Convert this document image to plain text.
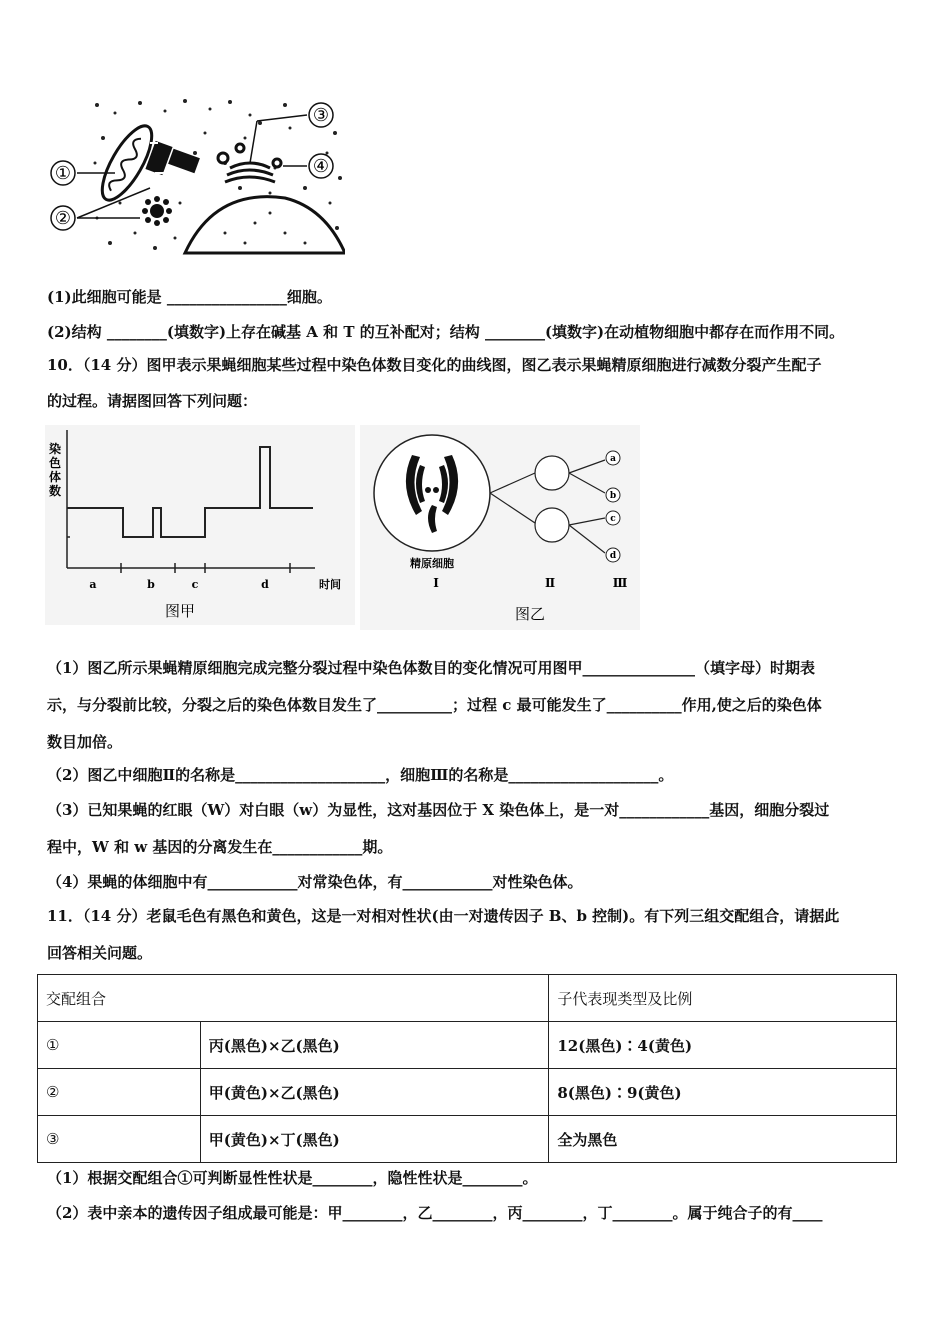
①
②
③
④
(1)此细胞可能是 ________________细胞。
(2)结构 ________(填数字)上存在碱基 A 和 T 的互补配对；结构 ________(填数字)在动植物细胞中都存在而作用不同。
10．（14 分）图甲表示果蝇细胞某些过程中染色体数目变化的曲线图，图乙表示果蝇精原细胞进行减数分裂产生配子
的过程。请据图回答下列问题：
染
色
体
数
a	b	c	d	时间
图甲
a
b
c
d
精原细胞
Ⅰ	Ⅱ	Ⅲ
图乙
（1）图乙所示果蝇精原细胞完成完整分裂过程中染色体数目的变化情况可用图甲_______________（填字母）时期表
示，与分裂前比较，分裂之后的染色体数目发生了__________；过程 c 最可能发生了__________作用,使之后的染色体
数目加倍。
（2）图乙中细胞Ⅱ的名称是____________________，细胞Ⅲ的名称是____________________。
（3）已知果蝇的红眼（W）对白眼（w）为显性，这对基因位于 X 染色体上，是一对____________基因，细胞分裂过
程中，W 和 w 基因的分离发生在____________期。
（4）果蝇的体细胞中有____________对常染色体，有____________对性染色体。
11．（14 分）老鼠毛色有黑色和黄色，这是一对相对性状(由一对遗传因子 B、b 控制)。有下列三组交配组合，请据此
回答相关问题。
交配组合		子代表现类型及比例
①	丙(黑色)×乙(黑色)	12(黑色)∶4(黄色)
②	甲(黄色)×乙(黑色)	8(黑色)∶9(黄色)
③	甲(黄色)×丁(黑色)	全为黑色
（1）根据交配组合①可判断显性性状是________，隐性性状是________。
（2）表中亲本的遗传因子组成最可能是：甲________，乙________，丙________，丁________。属于纯合子的有____
